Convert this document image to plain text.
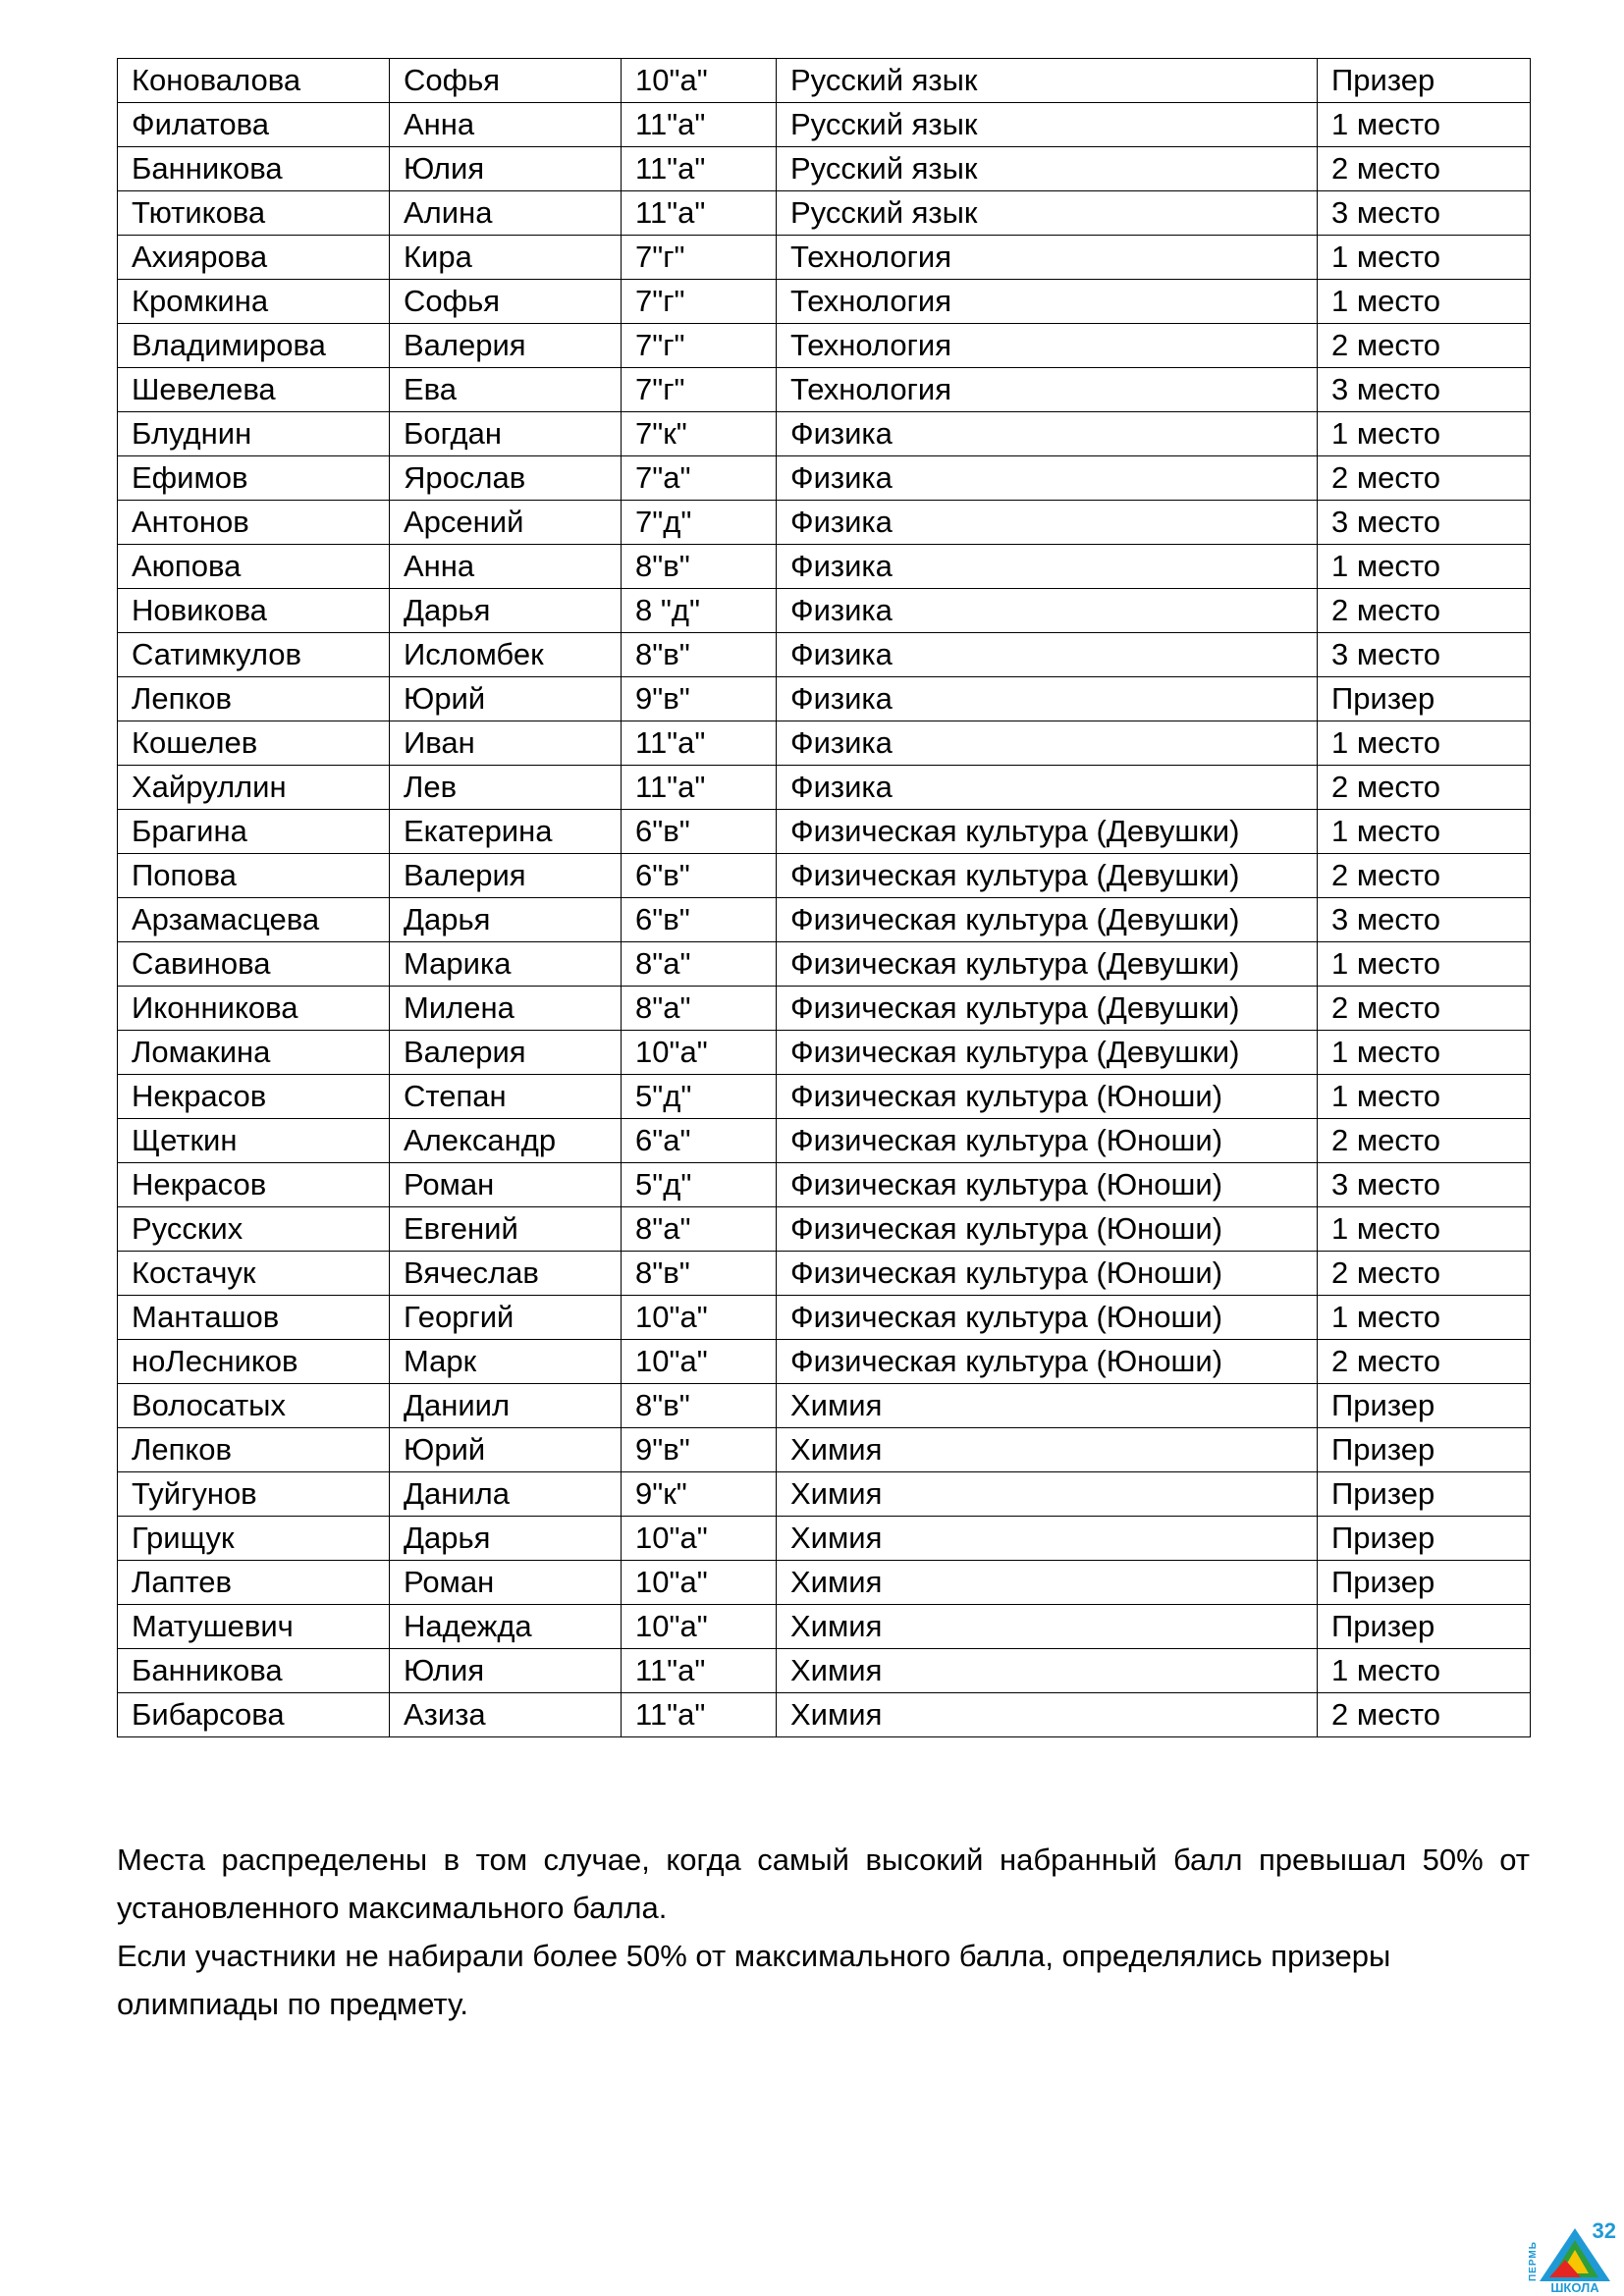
Коновалова	Софья	10"а"	Русский язык	Призер
Филатова	Анна	11"а"	Русский язык	1 место
Банникова	Юлия	11"а"	Русский язык	2 место
Тютикова	Алина	11"а"	Русский язык	3 место
Ахиярова	Кира	7"г"	Технология	1 место
Кромкина	Софья	7"г"	Технология	1 место
Владимирова	Валерия	7"г"	Технология	2 место
Шевелева	Ева	7"г"	Технология	3 место
Блуднин	Богдан	7"к"	Физика	1 место
Ефимов	Ярослав	7"а"	Физика	2 место
Антонов	Арсений	7"д"	Физика	3 место
Аюпова	Анна	8"в"	Физика	1 место
Новикова	Дарья	8 "д"	Физика	2 место
Сатимкулов	Исломбек	8"в"	Физика	3 место
Лепков	Юрий	9"в"	Физика	Призер
Кошелев	Иван	11"а"	Физика	1 место
Хайруллин	Лев	11"а"	Физика	2 место
Брагина	Екатерина	6"в"	Физическая культура (Девушки)	1 место
Попова	Валерия	6"в"	Физическая культура (Девушки)	2 место
Арзамасцева	Дарья	6"в"	Физическая культура (Девушки)	3 место
Савинова	Марика	8"а"	Физическая культура (Девушки)	1 место
Иконникова	Милена	8"а"	Физическая культура (Девушки)	2 место
Ломакина	Валерия	10"а"	Физическая культура (Девушки)	1 место
Некрасов	Степан	5"д"	Физическая культура (Юноши)	1 место
Щеткин	Александр	6"а"	Физическая культура (Юноши)	2 место
Некрасов	Роман	5"д"	Физическая культура (Юноши)	3 место
Русских	Евгений	8"а"	Физическая культура (Юноши)	1 место
Костачук	Вячеслав	8"в"	Физическая культура (Юноши)	2 место
Манташов	Георгий	10"а"	Физическая культура (Юноши)	1 место
ноЛесников	Марк	10"а"	Физическая культура (Юноши)	2 место
Волосатых	Даниил	8"в"	Химия	Призер
Лепков	Юрий	9"в"	Химия	Призер
Туйгунов	Данила	9"к"	Химия	Призер
Грищук	Дарья	10"а"	Химия	Призер
Лаптев	Роман	10"а"	Химия	Призер
Матушевич	Надежда	10"а"	Химия	Призер
Банникова	Юлия	11"а"	Химия	1 место
Бибарсова	Азиза	11"а"	Химия	2 место

Места распределены в том случае, когда самый высокий набранный балл превышал 50% от установленного максимального балла.

Если участники не набирали более 50% от максимального балла, определялись призеры олимпиады по предмету.

32
ПЕРМЬ
ШКОЛА
